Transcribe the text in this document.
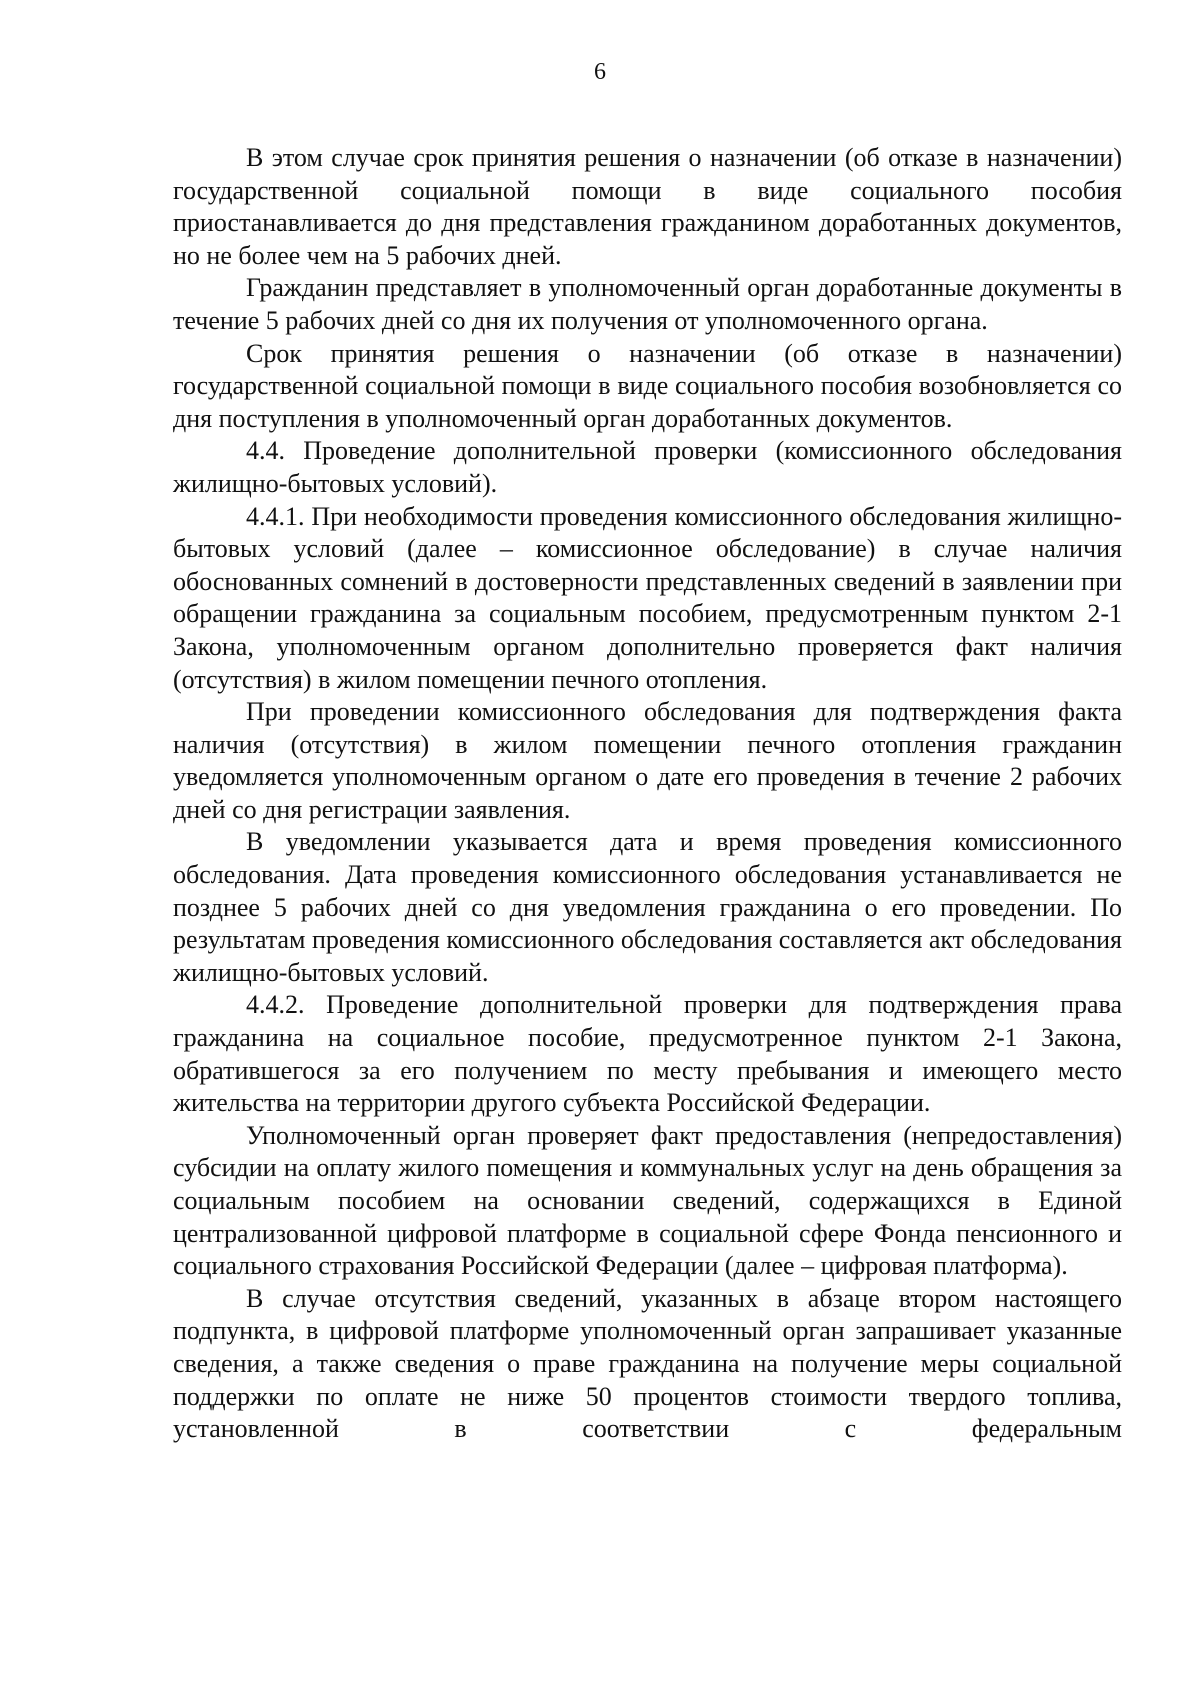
6

В этом случае срок принятия решения о назначении (об отказе в назначении) государственной социальной помощи в виде социального пособия приостанавливается до дня представления гражданином доработанных документов, но не более чем на 5 рабочих дней.

Гражданин представляет в уполномоченный орган доработанные документы в течение 5 рабочих дней со дня их получения от уполномоченного органа.

Срок принятия решения о назначении (об отказе в назначении) государственной социальной помощи в виде социального пособия возобновляется со дня поступления в уполномоченный орган доработанных документов.

4.4. Проведение дополнительной проверки (комиссионного обследования жилищно-бытовых условий).

4.4.1. При необходимости проведения комиссионного обследования жилищно-бытовых условий (далее – комиссионное обследование) в случае наличия обоснованных сомнений в достоверности представленных сведений в заявлении при обращении гражданина за социальным пособием, предусмотренным пунктом 2-1 Закона, уполномоченным органом дополнительно проверяется факт наличия (отсутствия) в жилом помещении печного отопления.

При проведении комиссионного обследования для подтверждения факта наличия (отсутствия) в жилом помещении печного отопления гражданин уведомляется уполномоченным органом о дате его проведения в течение 2 рабочих дней со дня регистрации заявления.

В уведомлении указывается дата и время проведения комиссионного обследования. Дата проведения комиссионного обследования устанавливается не позднее 5 рабочих дней со дня уведомления гражданина о его проведении. По результатам проведения комиссионного обследования составляется акт обследования жилищно-бытовых условий.

4.4.2. Проведение дополнительной проверки для подтверждения права гражданина на социальное пособие, предусмотренное пунктом 2-1 Закона, обратившегося за его получением по месту пребывания и имеющего место жительства на территории другого субъекта Российской Федерации.

Уполномоченный орган проверяет факт предоставления (непредоставления) субсидии на оплату жилого помещения и коммунальных услуг на день обращения за социальным пособием на основании сведений, содержащихся в Единой централизованной цифровой платформе в социальной сфере Фонда пенсионного и социального страхования Российской Федерации (далее – цифровая платформа).

В случае отсутствия сведений, указанных в абзаце втором настоящего подпункта, в цифровой платформе уполномоченный орган запрашивает указанные сведения, а также сведения о праве гражданина на получение меры социальной поддержки по оплате не ниже 50 процентов стоимости твердого топлива, установленной в соответствии с федеральным
